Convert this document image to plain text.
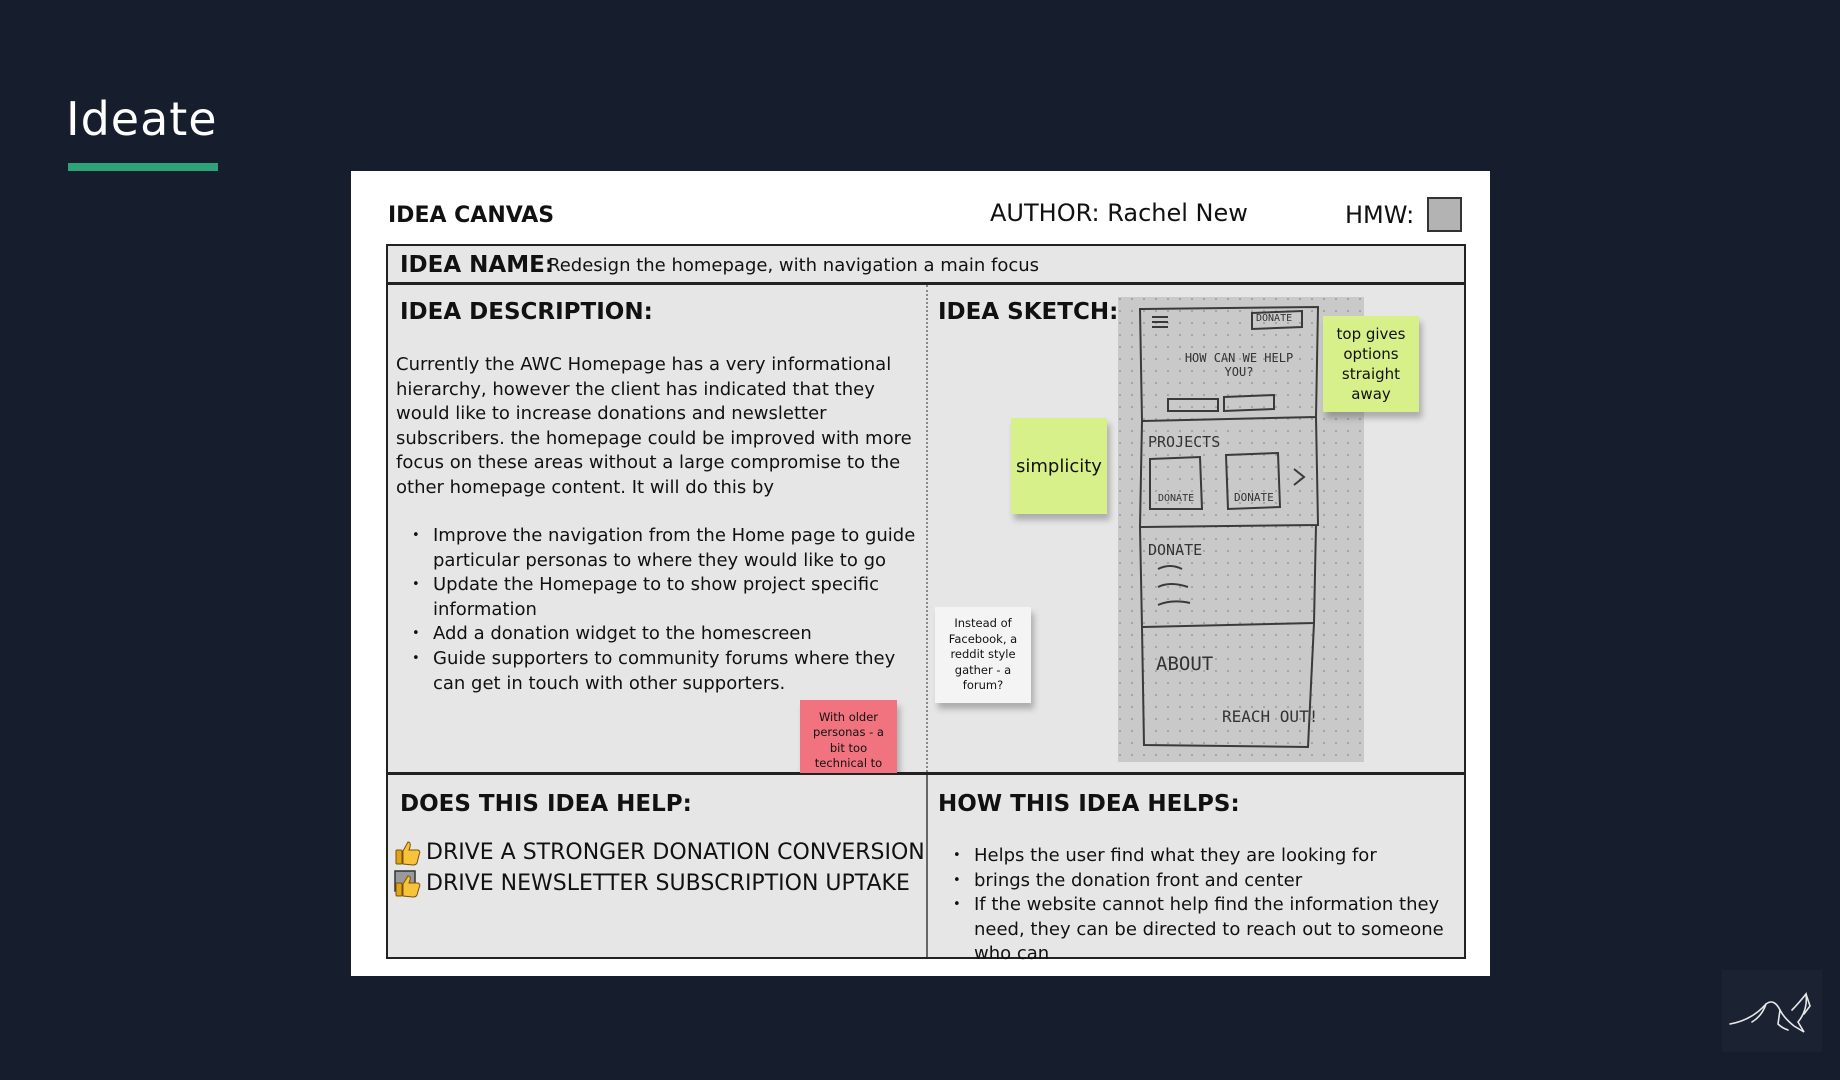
Ideate
IDEA CANVAS	AUTHOR: Rachel New	HMW:
IDEA NAME:
Redesign the homepage, with navigation a main focus
IDEA DESCRIPTION:
Currently the AWC Homepage has a very informational hierarchy, however the client has indicated that they would like to increase donations and newsletter subscribers. the homepage could be improved with more focus on these areas without a large compromise to the other homepage content. It will do this by
• Improve the navigation from the Home page to guide particular personas to where they would like to go
• Update the Homepage to to show project specific information
• Add a donation widget to the homescreen
• Guide supporters to community forums where they can get in touch with other supporters.
IDEA SKETCH:	DONATE
HOW CAN WE HELP YOU?
PROJECTS
DONATE	DONATE
DONATE
ABOUT
REACH OUT!
top gives options straight away
simplicity
Instead of Facebook, a reddit style gather - a forum?
With older personas - a bit too technical to
DOES THIS IDEA HELP:
DRIVE A STRONGER DONATION CONVERSION
DRIVE NEWSLETTER SUBSCRIPTION UPTAKE
HOW THIS IDEA HELPS:
• Helps the user find what they are looking for
• brings the donation front and center
• If the website cannot help find the information they need, they can be directed to reach out to someone who can
